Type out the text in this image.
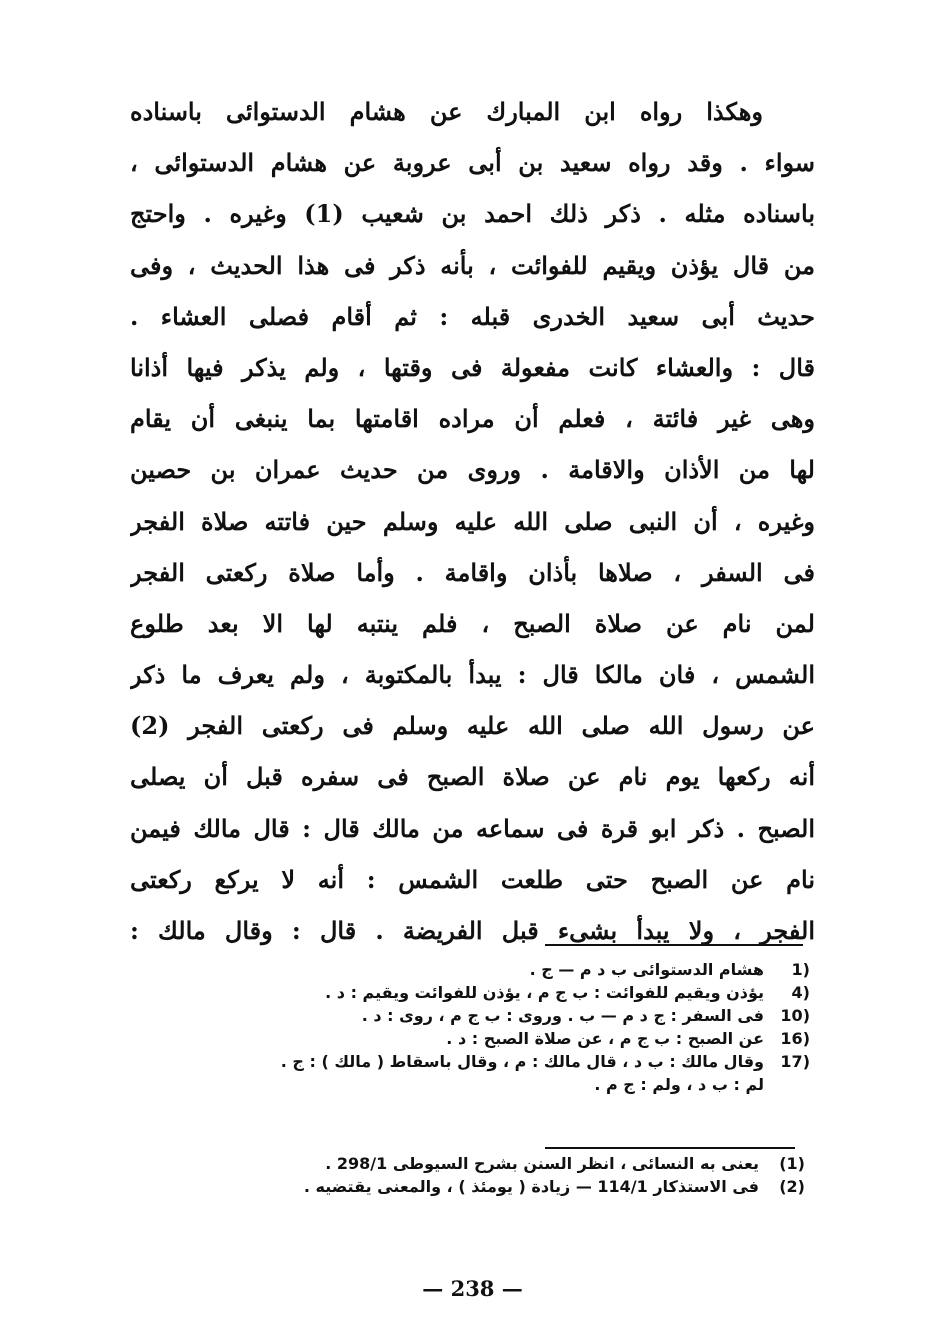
وهكذا رواه ابن المبارك عن هشام الدستوائى باسناده
سواء . وقد رواه سعيد بن أبى عروبة عن هشام الدستوائى ،
باسناده مثله . ذكر ذلك احمد بن شعيب (1) وغيره . واحتج
من قال يؤذن ويقيم للفوائت ، بأنه ذكر فى هذا الحديث ، وفى
حديث أبى سعيد الخدرى قبله : ثم أقام فصلى العشاء .
قال : والعشاء كانت مفعولة فى وقتها ، ولم يذكر فيها أذانا
وهى غير فائتة ، فعلم أن مراده اقامتها بما ينبغى أن يقام
لها من الأذان والاقامة . وروى من حديث عمران بن حصين
وغيره ، أن النبى صلى الله عليه وسلم حين فاتته صلاة الفجر
فى السفر ، صلاها بأذان واقامة . وأما صلاة ركعتى الفجر
لمن نام عن صلاة الصبح ، فلم ينتبه لها الا بعد طلوع
الشمس ، فان مالكا قال : يبدأ بالمكتوبة ، ولم يعرف ما ذكر
عن رسول الله صلى الله عليه وسلم فى ركعتى الفجر (2)
أنه ركعها يوم نام عن صلاة الصبح فى سفره قبل أن يصلى
الصبح . ذكر ابو قرة فى سماعه من مالك قال : قال مالك فيمن
نام عن الصبح حتى طلعت الشمس : أنه لا يركع ركعتى
الفجر ، ولا يبدأ بشىء قبل الفريضة . قال : وقال مالك :
1)
هشام الدستوائى ب د م — ج .
4)
يؤذن ويقيم للفوائت : ب ج م ، يؤذن للفوائت ويقيم : د .
10)
فى السفر : ج د م — ب . وروى : ب ج م ، روى : د .
16)
عن الصبح : ب ج م ، عن صلاة الصبح : د .
17)
وقال مالك : ب د ، قال مالك : م ، وقال باسقاط ( مالك ) : ج .
لم : ب د ، ولم : ج م .
(1)
يعنى به النسائى ، انظر السنن بشرح السيوطى 298/1 .
(2)
فى الاستذكار 114/1 — زيادة ( يومئذ ) ، والمعنى يقتضيه .
— 238 —
